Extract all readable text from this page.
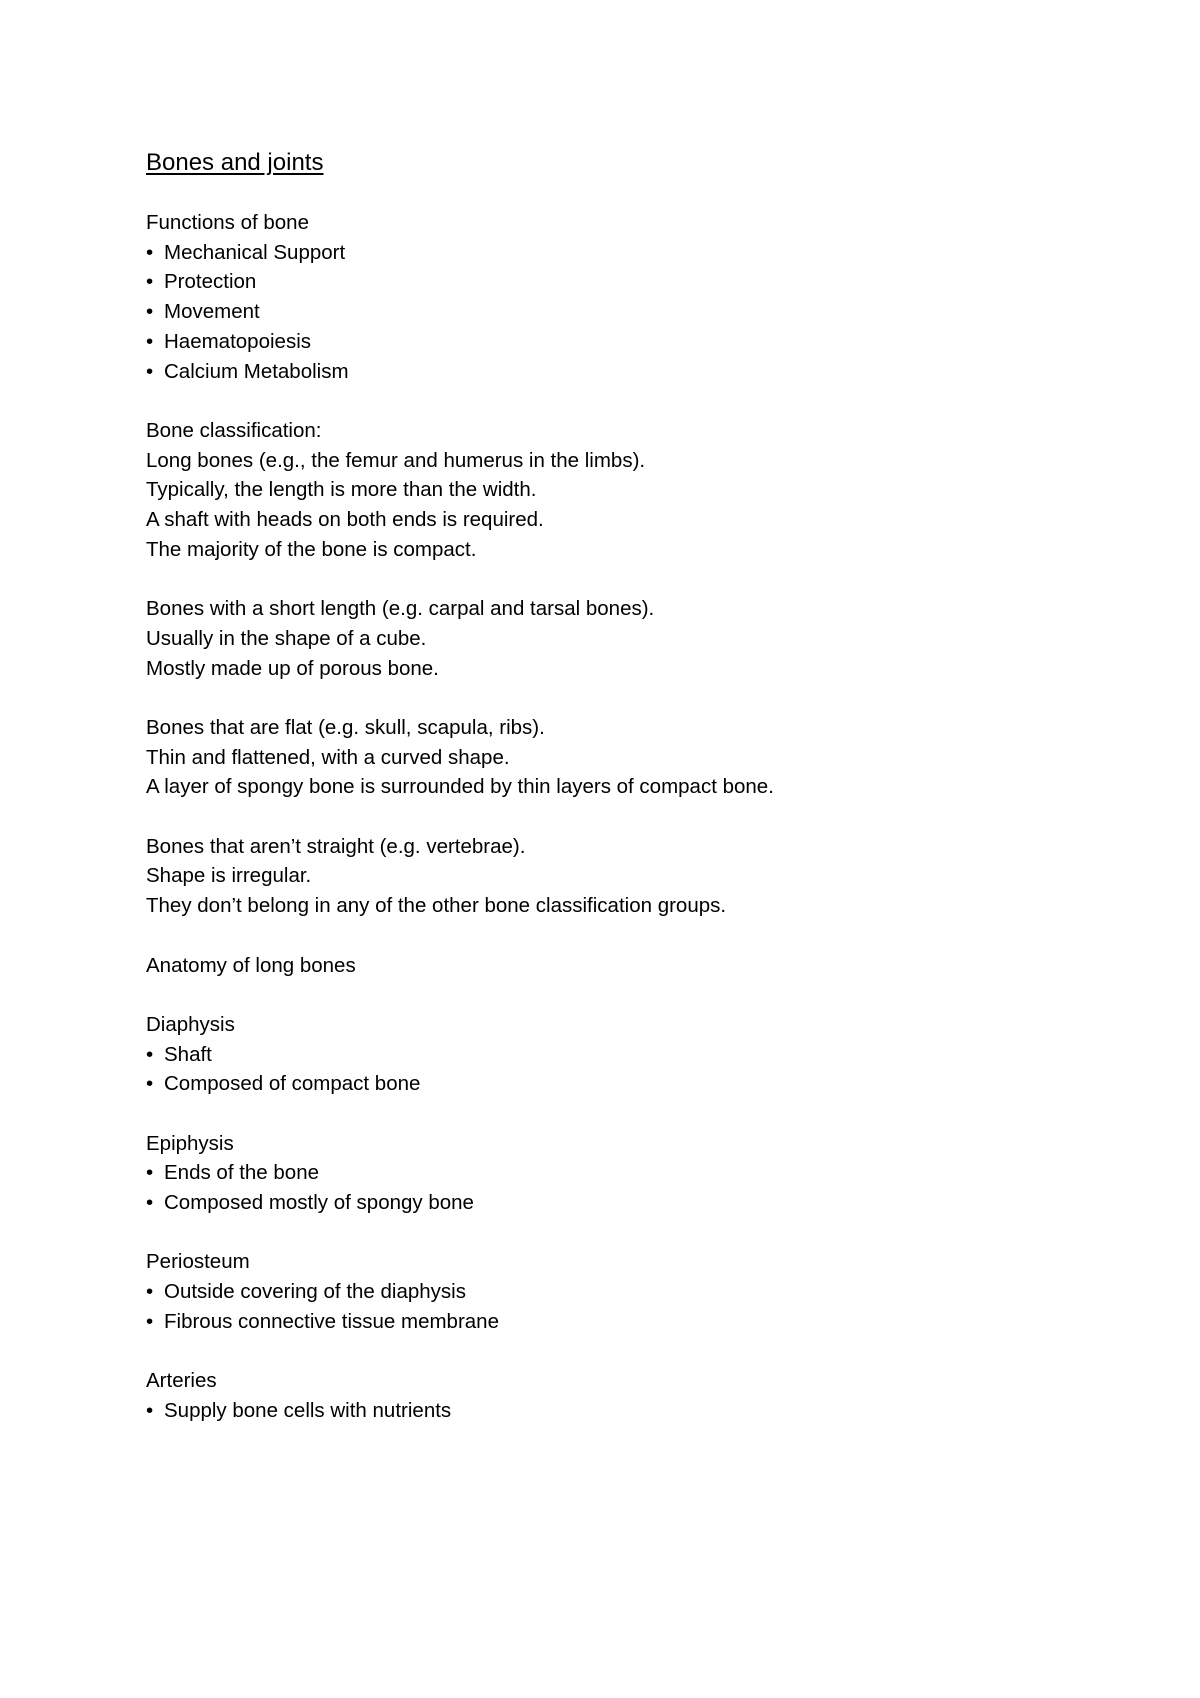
Bones and joints

Functions of bone

• Mechanical Support

• Protection

• Movement

• Haematopoiesis

• Calcium Metabolism

Bone classification:

Long bones (e.g., the femur and humerus in the limbs).

Typically, the length is more than the width.

A shaft with heads on both ends is required.

The majority of the bone is compact.

Bones with a short length (e.g. carpal and tarsal bones).

Usually in the shape of a cube.

Mostly made up of porous bone.

Bones that are flat (e.g. skull, scapula, ribs).

Thin and flattened, with a curved shape.

A layer of spongy bone is surrounded by thin layers of compact bone.

Bones that aren’t straight (e.g. vertebrae).

Shape is irregular.

They don’t belong in any of the other bone classification groups.

Anatomy of long bones

Diaphysis

• Shaft

• Composed of compact bone

Epiphysis

• Ends of the bone

• Composed mostly of spongy bone

Periosteum

• Outside covering of the diaphysis

• Fibrous connective tissue membrane

Arteries

• Supply bone cells with nutrients
